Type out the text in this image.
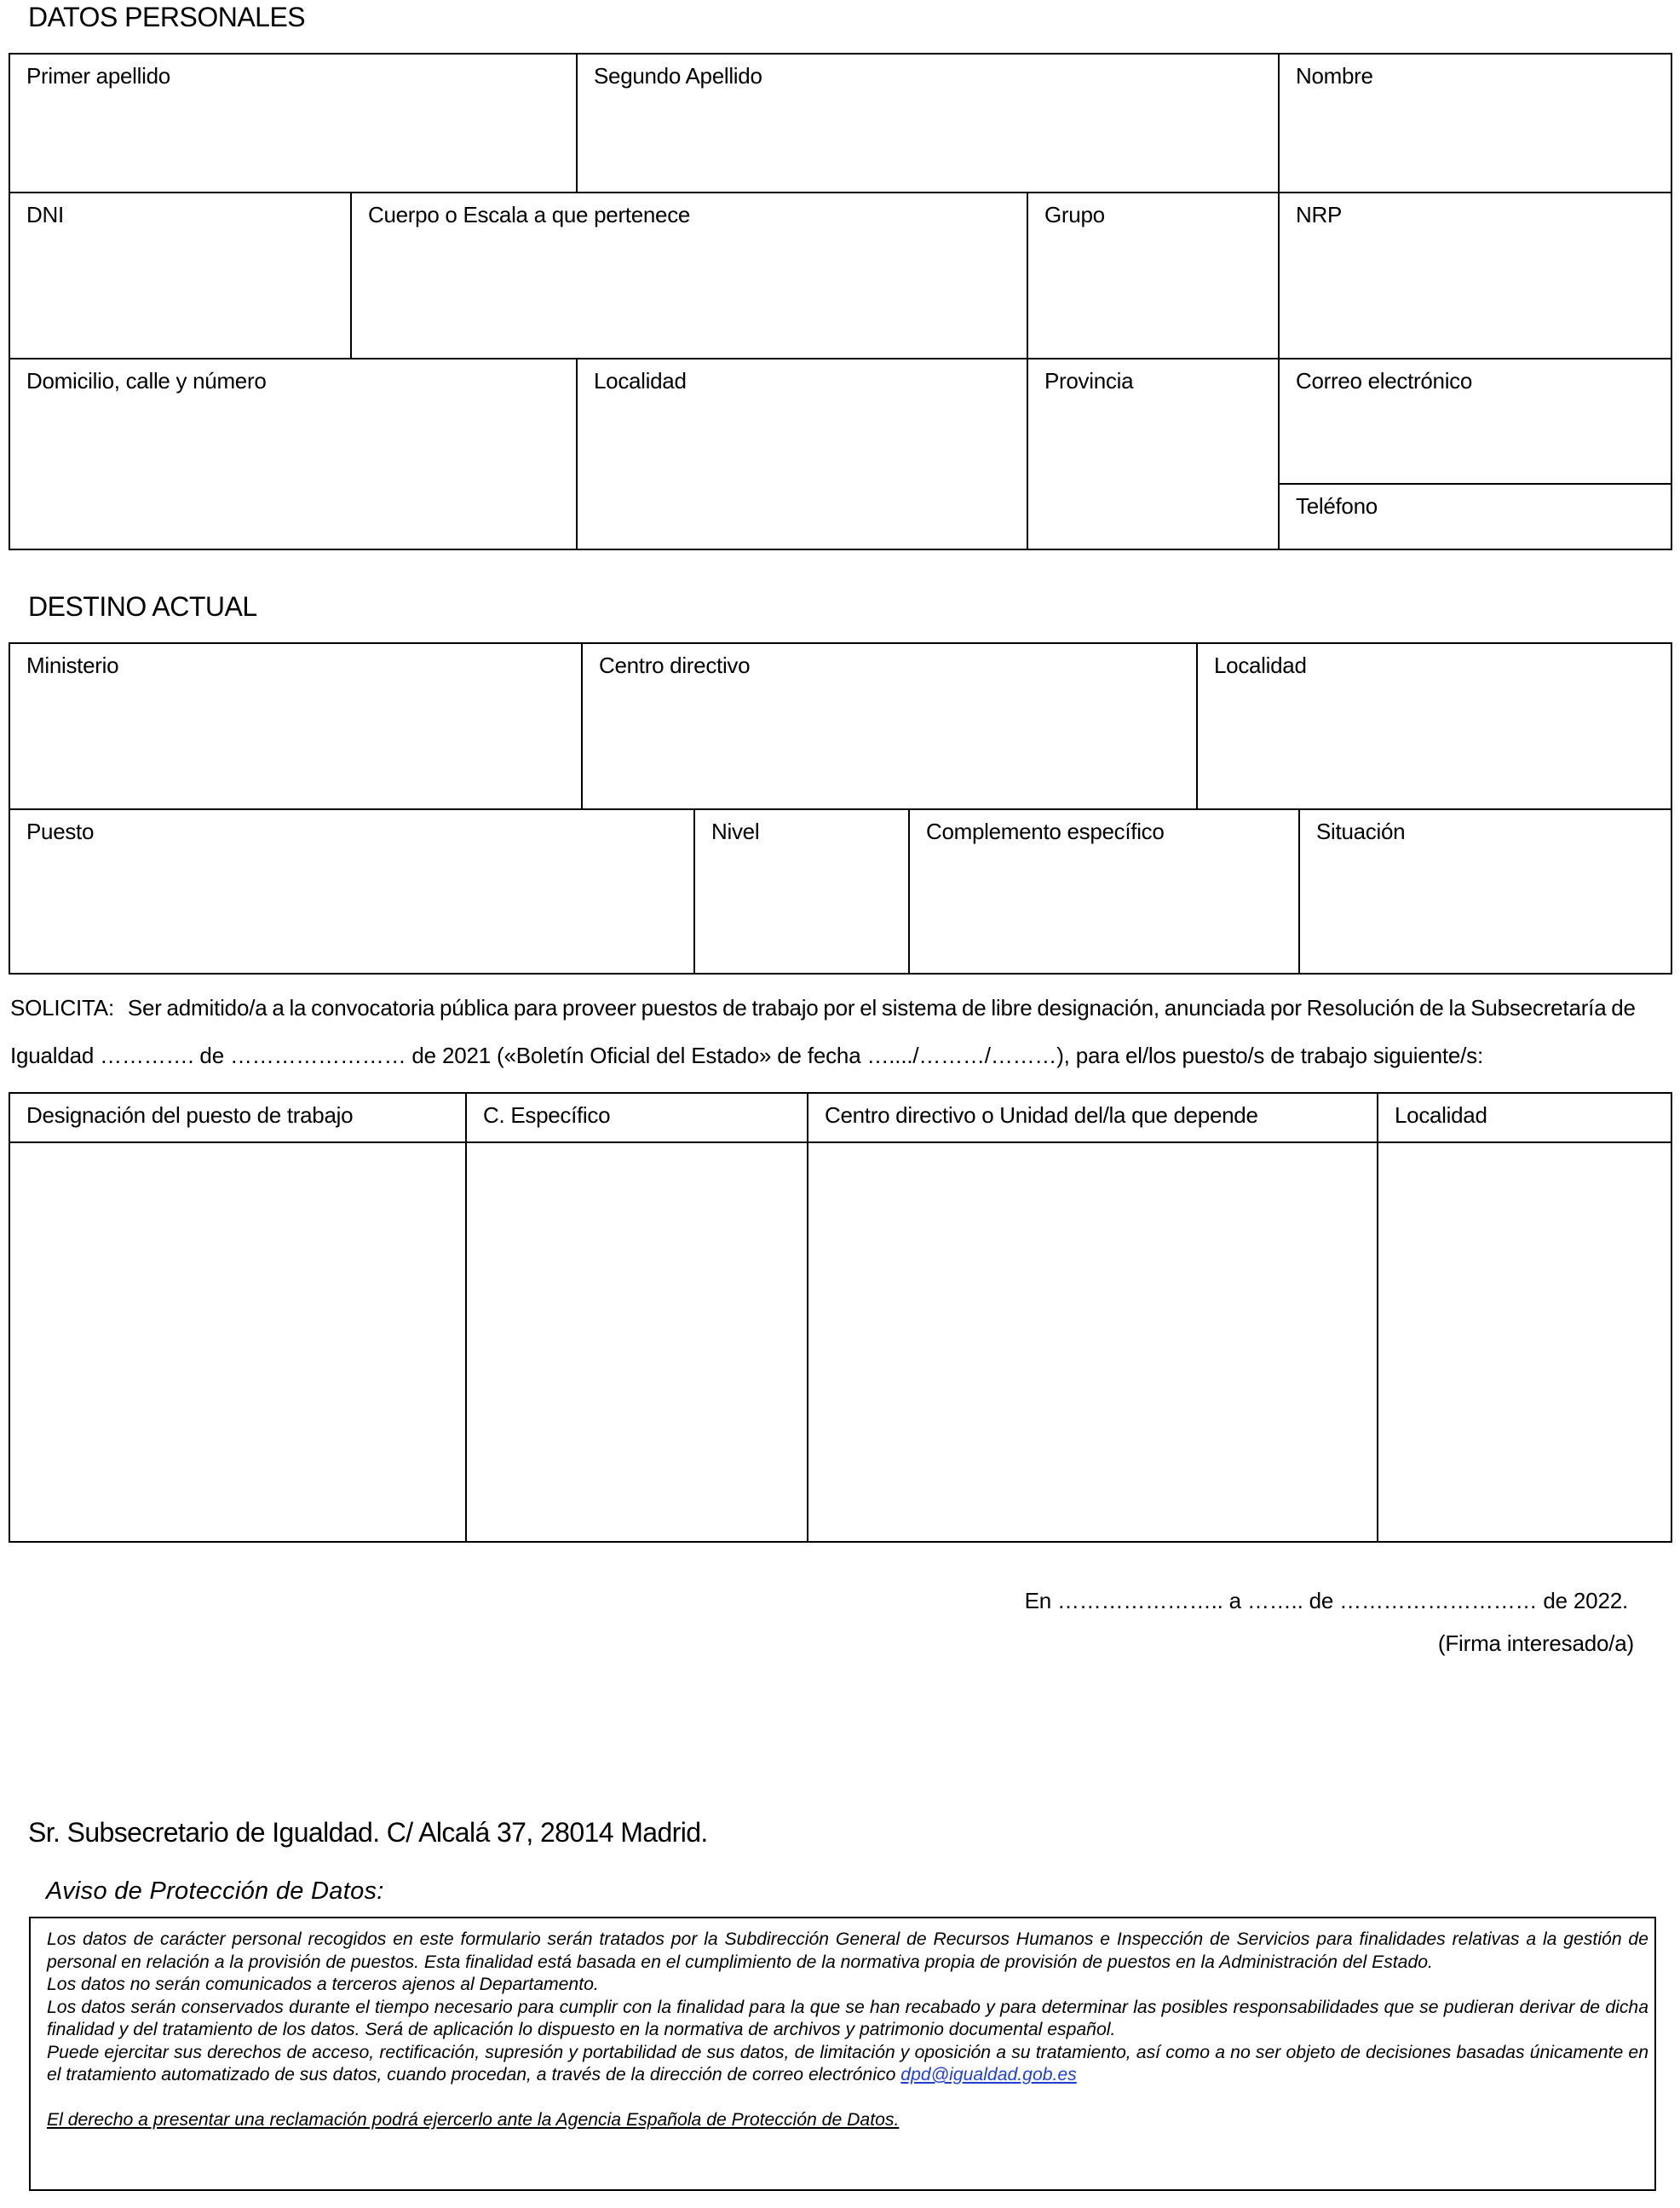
DATOS PERSONALES
Primer apellido	Segundo Apellido	Nombre
DNI	Cuerpo o Escala a que pertenece	Grupo	NRP
Domicilio, calle y número	Localidad	Provincia	Correo electrónico
Teléfono
DESTINO ACTUAL
Ministerio	Centro directivo	Localidad
Puesto	Nivel	Complemento específico	Situación
SOLICITA: Ser admitido/a a la convocatoria pública para proveer puestos de trabajo por el sistema de libre designación, anunciada por Resolución de la Subsecretaría de
Igualdad …………. de …………………… de 2021 («Boletín Oficial del Estado» de fecha …..../………/………), para el/los puesto/s de trabajo siguiente/s:
Designación del puesto de trabajo	C. Específico	Centro directivo o Unidad del/la que depende	Localidad
En ………………….. a …….. de ……………………… de 2022.
(Firma interesado/a)
Sr. Subsecretario de Igualdad. C/ Alcalá 37, 28014 Madrid.
Aviso de Protección de Datos:

Los datos de carácter personal recogidos en este formulario serán tratados por la Subdirección General de Recursos Humanos e Inspección de Servicios para finalidades relativas a la gestión de personal en relación a la provisión de puestos. Esta finalidad está basada en el cumplimiento de la normativa propia de provisión de puestos en la Administración del Estado.

Los datos no serán comunicados a terceros ajenos al Departamento.

Los datos serán conservados durante el tiempo necesario para cumplir con la finalidad para la que se han recabado y para determinar las posibles responsabilidades que se pudieran derivar de dicha finalidad y del tratamiento de los datos. Será de aplicación lo dispuesto en la normativa de archivos y patrimonio documental español.

Puede ejercitar sus derechos de acceso, rectificación, supresión y portabilidad de sus datos, de limitación y oposición a su tratamiento, así como a no ser objeto de decisiones basadas únicamente en el tratamiento automatizado de sus datos, cuando procedan, a través de la dirección de correo electrónico dpd@igualdad.gob.es

El derecho a presentar una reclamación podrá ejercerlo ante la Agencia Española de Protección de Datos.
